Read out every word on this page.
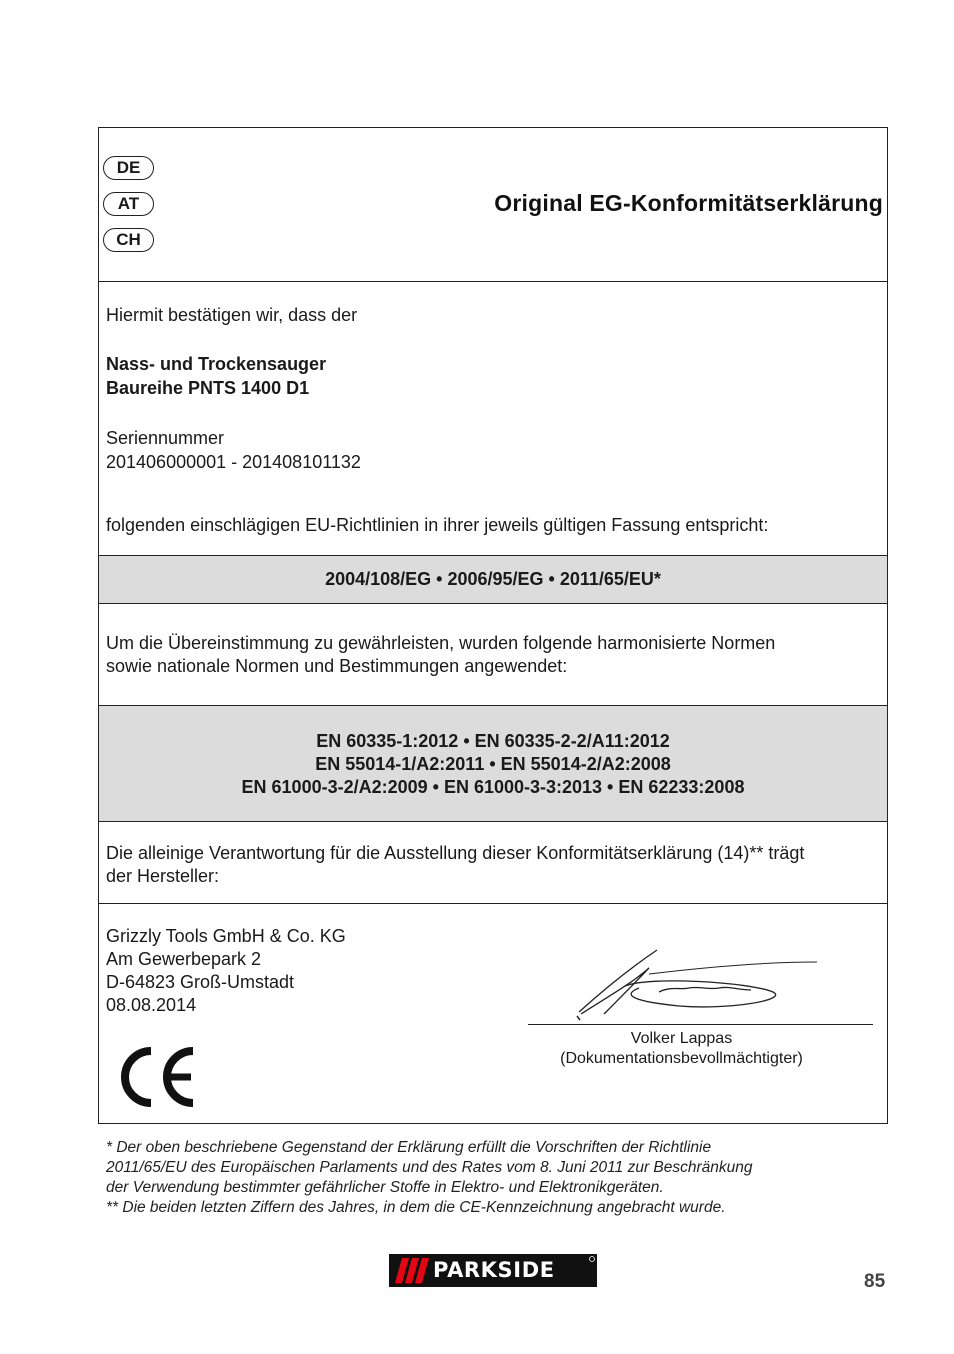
DE
AT
CH
Original EG-Konformitätserklärung
Hiermit bestätigen wir, dass der
Nass- und Trockensauger
Baureihe PNTS 1400 D1
Seriennummer
201406000001 - 201408101132
folgenden einschlägigen EU-Richtlinien in ihrer jeweils gültigen Fassung entspricht:
2004/108/EG • 2006/95/EG • 2011/65/EU*
Um die Übereinstimmung zu gewährleisten, wurden folgende harmonisierte Normen
sowie nationale Normen und Bestimmungen angewendet:
EN 60335-1:2012 • EN 60335-2-2/A11:2012
EN 55014-1/A2:2011 • EN 55014-2/A2:2008
EN 61000-3-2/A2:2009 • EN 61000-3-3:2013 • EN 62233:2008
Die alleinige Verantwortung für die Ausstellung dieser Konformitätserklärung (14)** trägt
der Hersteller:
Grizzly Tools GmbH & Co. KG
Am Gewerbepark 2
D-64823 Groß-Umstadt
08.08.2014
Volker Lappas
(Dokumentationsbevollmächtigter)
* Der oben beschriebene Gegenstand der Erklärung erfüllt die Vorschriften der Richtlinie
2011/65/EU des Europäischen Parlaments und des Rates vom 8. Juni 2011 zur Beschränkung
der Verwendung bestimmter gefährlicher Stoffe in Elektro- und Elektronikgeräten.
** Die beiden letzten Ziffern des Jahres, in dem die CE-Kennzeichnung angebracht wurde.
PARKSIDE	85
